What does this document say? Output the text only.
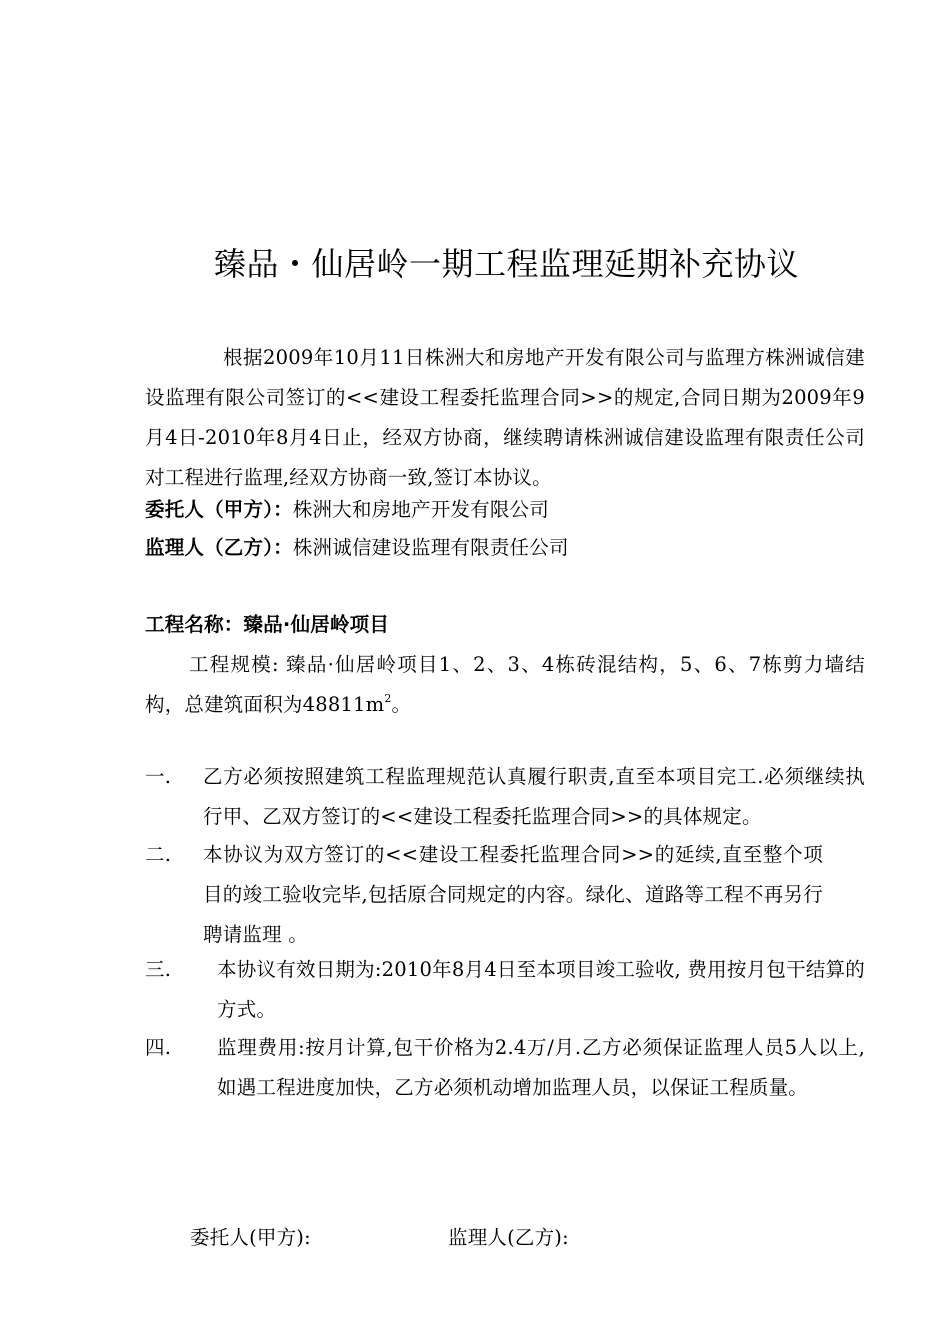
臻品・仙居岭一期工程监理延期补充协议
根据2009年10月11日株洲大和房地产开发有限公司与监理方株洲诚信建设监理有限公司签订的<<建设工程委托监理合同>>的规定,合同日期为2009年9月4日-2010年8月4日止，经双方协商，继续聘请株洲诚信建设监理有限责任公司对工程进行监理,经双方协商一致,签订本协议。
委托人（甲方）：株洲大和房地产开发有限公司
监理人（乙方）：株洲诚信建设监理有限责任公司
工程名称：臻品·仙居岭项目
工程规模: 臻品·仙居岭项目1、2、3、4栋砖混结构，5、6、7栋剪力墙结构，总建筑面积为$48811m^2$。
一.	乙方必须按照建筑工程监理规范认真履行职责,直至本项目完工.必须继续执行甲、乙双方签订的<<建设工程委托监理合同>>的具体规定。
二.	本协议为双方签订的<<建设工程委托监理合同>>的延续,直至整个项目的竣工验收完毕,包括原合同规定的内容。绿化、道路等工程不再另行聘请监理 。
三.	本协议有效日期为:2010年8月4日至本项目竣工验收, 费用按月包干结算的方式。
四.	监理费用:按月计算,包干价格为2.4万/月.乙方必须保证监理人员5人以上,如遇工程进度加快，乙方必须机动增加监理人员，以保证工程质量。
委托人(甲方):	监理人(乙方):
